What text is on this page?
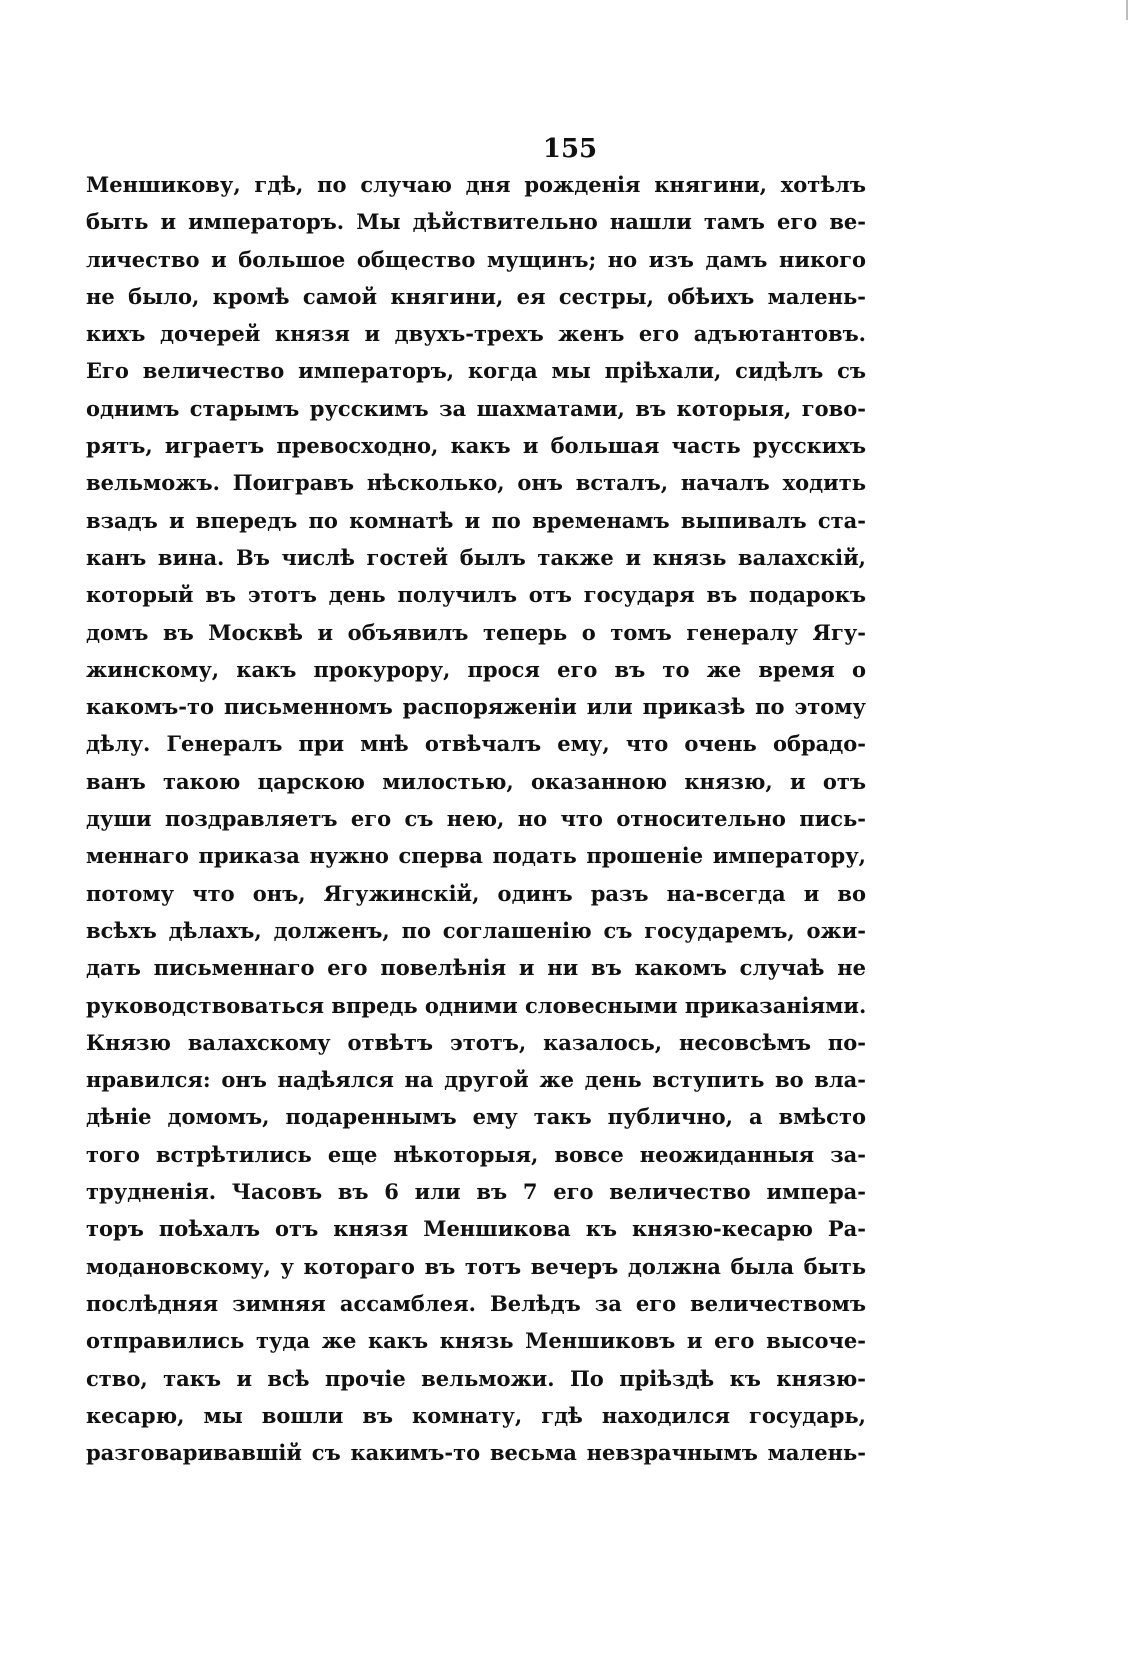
155
Меншикову, гдѣ, по случаю дня рожденія княгини, хотѣлъ
быть и императоръ. Мы дѣйствительно нашли тамъ его ве-
личество и большое общество мущинъ; но изъ дамъ никого
не было, кромѣ самой княгини, ея сестры, обѣихъ малень-
кихъ дочерей князя и двухъ-трехъ женъ его адъютантовъ.
Его величество императоръ, когда мы пріѣхали, сидѣлъ съ
однимъ старымъ русскимъ за шахматами, въ которыя, гово-
рятъ, играетъ превосходно, какъ и большая часть русскихъ
вельможъ. Поигравъ нѣсколько, онъ всталъ, началъ ходить
взадъ и впередъ по комнатѣ и по временамъ выпивалъ ста-
канъ вина. Въ числѣ гостей былъ также и князь валахскій,
который въ этотъ день получилъ отъ государя въ подарокъ
домъ въ Москвѣ и объявилъ теперь о томъ генералу Ягу-
жинскому, какъ прокурору, прося его въ то же время о
какомъ-то письменномъ распоряженіи или приказѣ по этому
дѣлу. Генералъ при мнѣ отвѣчалъ ему, что очень обрадо-
ванъ такою царскою милостью, оказанною князю, и отъ
души поздравляетъ его съ нею, но что относительно пись-
меннаго приказа нужно сперва подать прошеніе императору,
потому что онъ, Ягужинскій, одинъ разъ на-всегда и во
всѣхъ дѣлахъ, долженъ, по соглашенію съ государемъ, ожи-
дать письменнаго его повелѣнія и ни въ какомъ случаѣ не
руководствоваться впредь одними словесными приказаніями.
Князю валахскому отвѣтъ этотъ, казалось, несовсѣмъ по-
нравился: онъ надѣялся на другой же день вступить во вла-
дѣніе домомъ, подареннымъ ему такъ публично, а вмѣсто
того встрѣтились еще нѣкоторыя, вовсе неожиданныя за-
трудненія. Часовъ въ 6 или въ 7 его величество импера-
торъ поѣхалъ отъ князя Меншикова къ князю-кесарю Ра-
модановскому, у котораго въ тотъ вечеръ должна была быть
послѣдняя зимняя ассамблея. Велѣдъ за его величествомъ
отправились туда же какъ князь Меншиковъ и его высоче-
ство, такъ и всѣ прочіе вельможи. По пріѣздѣ къ князю-
кесарю, мы вошли въ комнату, гдѣ находился государь,
разговаривавшій съ какимъ-то весьма невзрачнымъ малень-
